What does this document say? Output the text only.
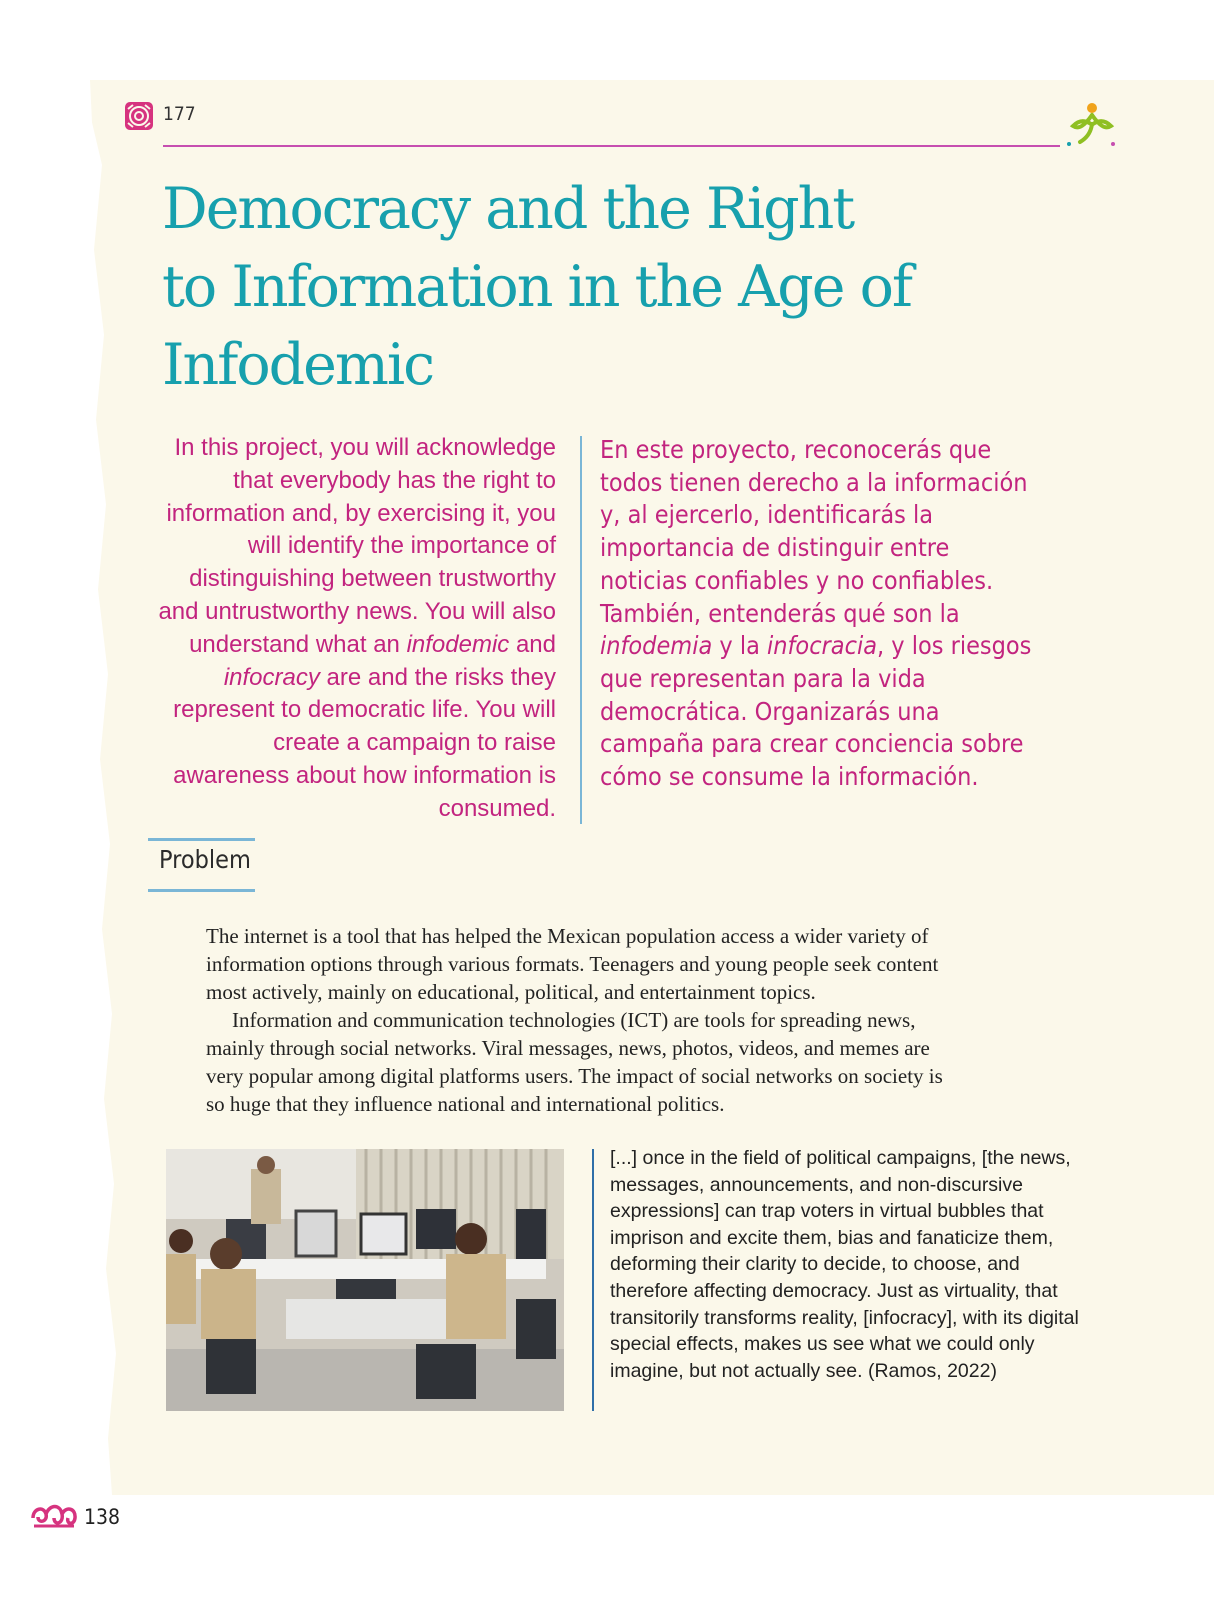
177
Democracy and the Right
to Information in the Age of
Infodemic
In this project, you will acknowledge that everybody has the right to information and, by exercising it, you will identify the importance of distinguishing between trustworthy and untrustworthy news. You will also understand what an infodemic and infocracy are and the risks they represent to democratic life. You will create a campaign to raise awareness about how information is consumed.
En este proyecto, reconocerás que todos tienen derecho a la información y, al ejercerlo, identificarás la importancia de distinguir entre noticias confiables y no confiables. También, entenderás qué son la infodemia y la infocracia, y los riesgos que representan para la vida democrática. Organizarás una campaña para crear conciencia sobre cómo se consume la información.
Problem

The internet is a tool that has helped the Mexican population access a wider variety of information options through various formats. Teenagers and young people seek content most actively, mainly on educational, political, and entertainment topics.

Information and communication technologies (ICT) are tools for spreading news, mainly through social networks. Viral messages, news, photos, videos, and memes are very popular among digital platforms users. The impact of social networks on society is so huge that they influence national and international politics.

[...] once in the field of political campaigns, [the news, messages, announcements, and non-discursive expressions] can trap voters in virtual bubbles that imprison and excite them, bias and fanaticize them, deforming their clarity to decide, to choose, and therefore affecting democracy. Just as virtuality, that transitorily transforms reality, [infocracy], with its digital special effects, makes us see what we could only imagine, but not actually see. (Ramos, 2022)
138
